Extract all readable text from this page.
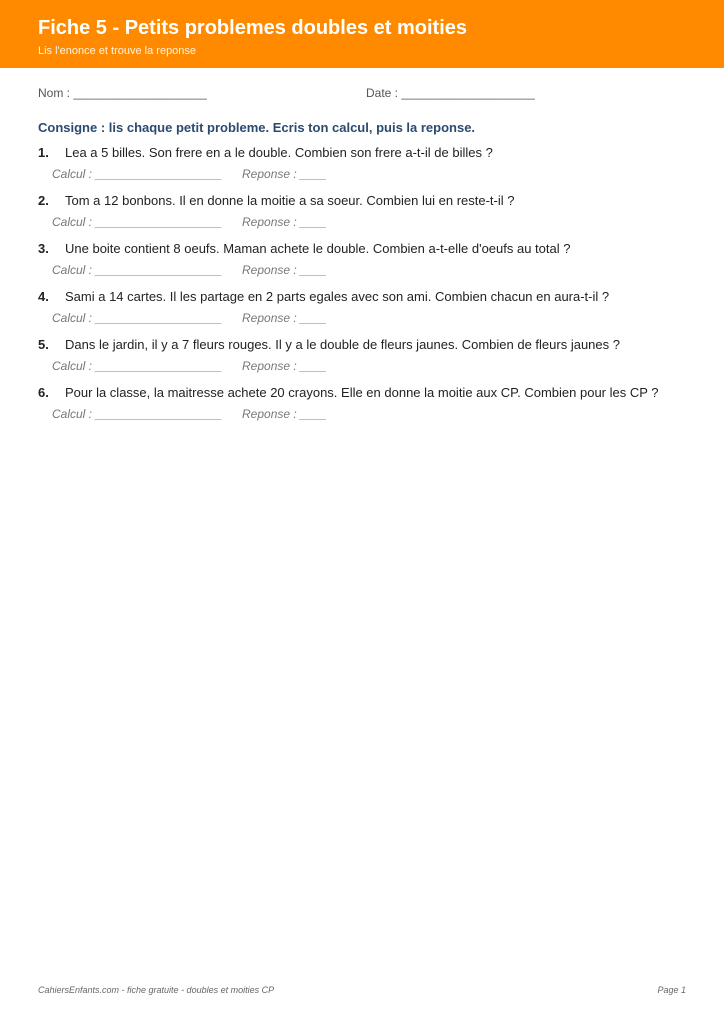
Fiche 5 - Petits problemes doubles et moities
Lis l'enonce et trouve la reponse
Nom : ____________________	Date : ____________________
Consigne : lis chaque petit probleme. Ecris ton calcul, puis la reponse.
1. Lea a 5 billes. Son frere en a le double. Combien son frere a-t-il de billes ?
Calcul : ___________________ Reponse : ____
2. Tom a 12 bonbons. Il en donne la moitie a sa soeur. Combien lui en reste-t-il ?
Calcul : ___________________ Reponse : ____
3. Une boite contient 8 oeufs. Maman achete le double. Combien a-t-elle d'oeufs au total ?
Calcul : ___________________ Reponse : ____
4. Sami a 14 cartes. Il les partage en 2 parts egales avec son ami. Combien chacun en aura-t-il ?
Calcul : ___________________ Reponse : ____
5. Dans le jardin, il y a 7 fleurs rouges. Il y a le double de fleurs jaunes. Combien de fleurs jaunes ?
Calcul : ___________________ Reponse : ____
6. Pour la classe, la maitresse achete 20 crayons. Elle en donne la moitie aux CP. Combien pour les CP ?
Calcul : ___________________ Reponse : ____
CahiersEnfants.com - fiche gratuite - doubles et moities CP	Page 1
